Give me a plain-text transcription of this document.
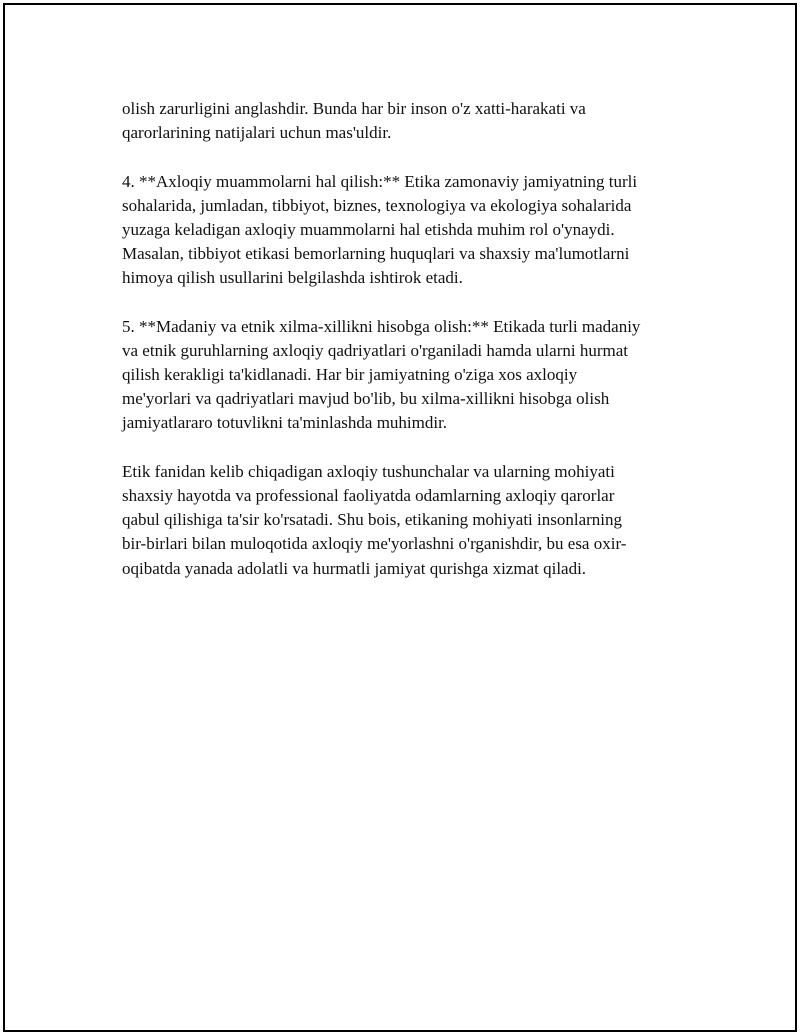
olish zarurligini anglashdir. Bunda har bir inson o'z xatti-harakati va
qarorlarining natijalari uchun mas'uldir.

4. **Axloqiy muammolarni hal qilish:** Etika zamonaviy jamiyatning turli
sohalarida, jumladan, tibbiyot, biznes, texnologiya va ekologiya sohalarida
yuzaga keladigan axloqiy muammolarni hal etishda muhim rol o'ynaydi.
Masalan, tibbiyot etikasi bemorlarning huquqlari va shaxsiy ma'lumotlarni
himoya qilish usullarini belgilashda ishtirok etadi.

5. **Madaniy va etnik xilma-xillikni hisobga olish:** Etikada turli madaniy
va etnik guruhlarning axloqiy qadriyatlari o'rganiladi hamda ularni hurmat
qilish kerakligi ta'kidlanadi. Har bir jamiyatning o'ziga xos axloqiy
me'yorlari va qadriyatlari mavjud bo'lib, bu xilma-xillikni hisobga olish
jamiyatlararo totuvlikni ta'minlashda muhimdir.

Etik fanidan kelib chiqadigan axloqiy tushunchalar va ularning mohiyati
shaxsiy hayotda va professional faoliyatda odamlarning axloqiy qarorlar
qabul qilishiga ta'sir ko'rsatadi. Shu bois, etikaning mohiyati insonlarning
bir-birlari bilan muloqotida axloqiy me'yorlashni o'rganishdir, bu esa oxir-
oqibatda yanada adolatli va hurmatli jamiyat qurishga xizmat qiladi.
